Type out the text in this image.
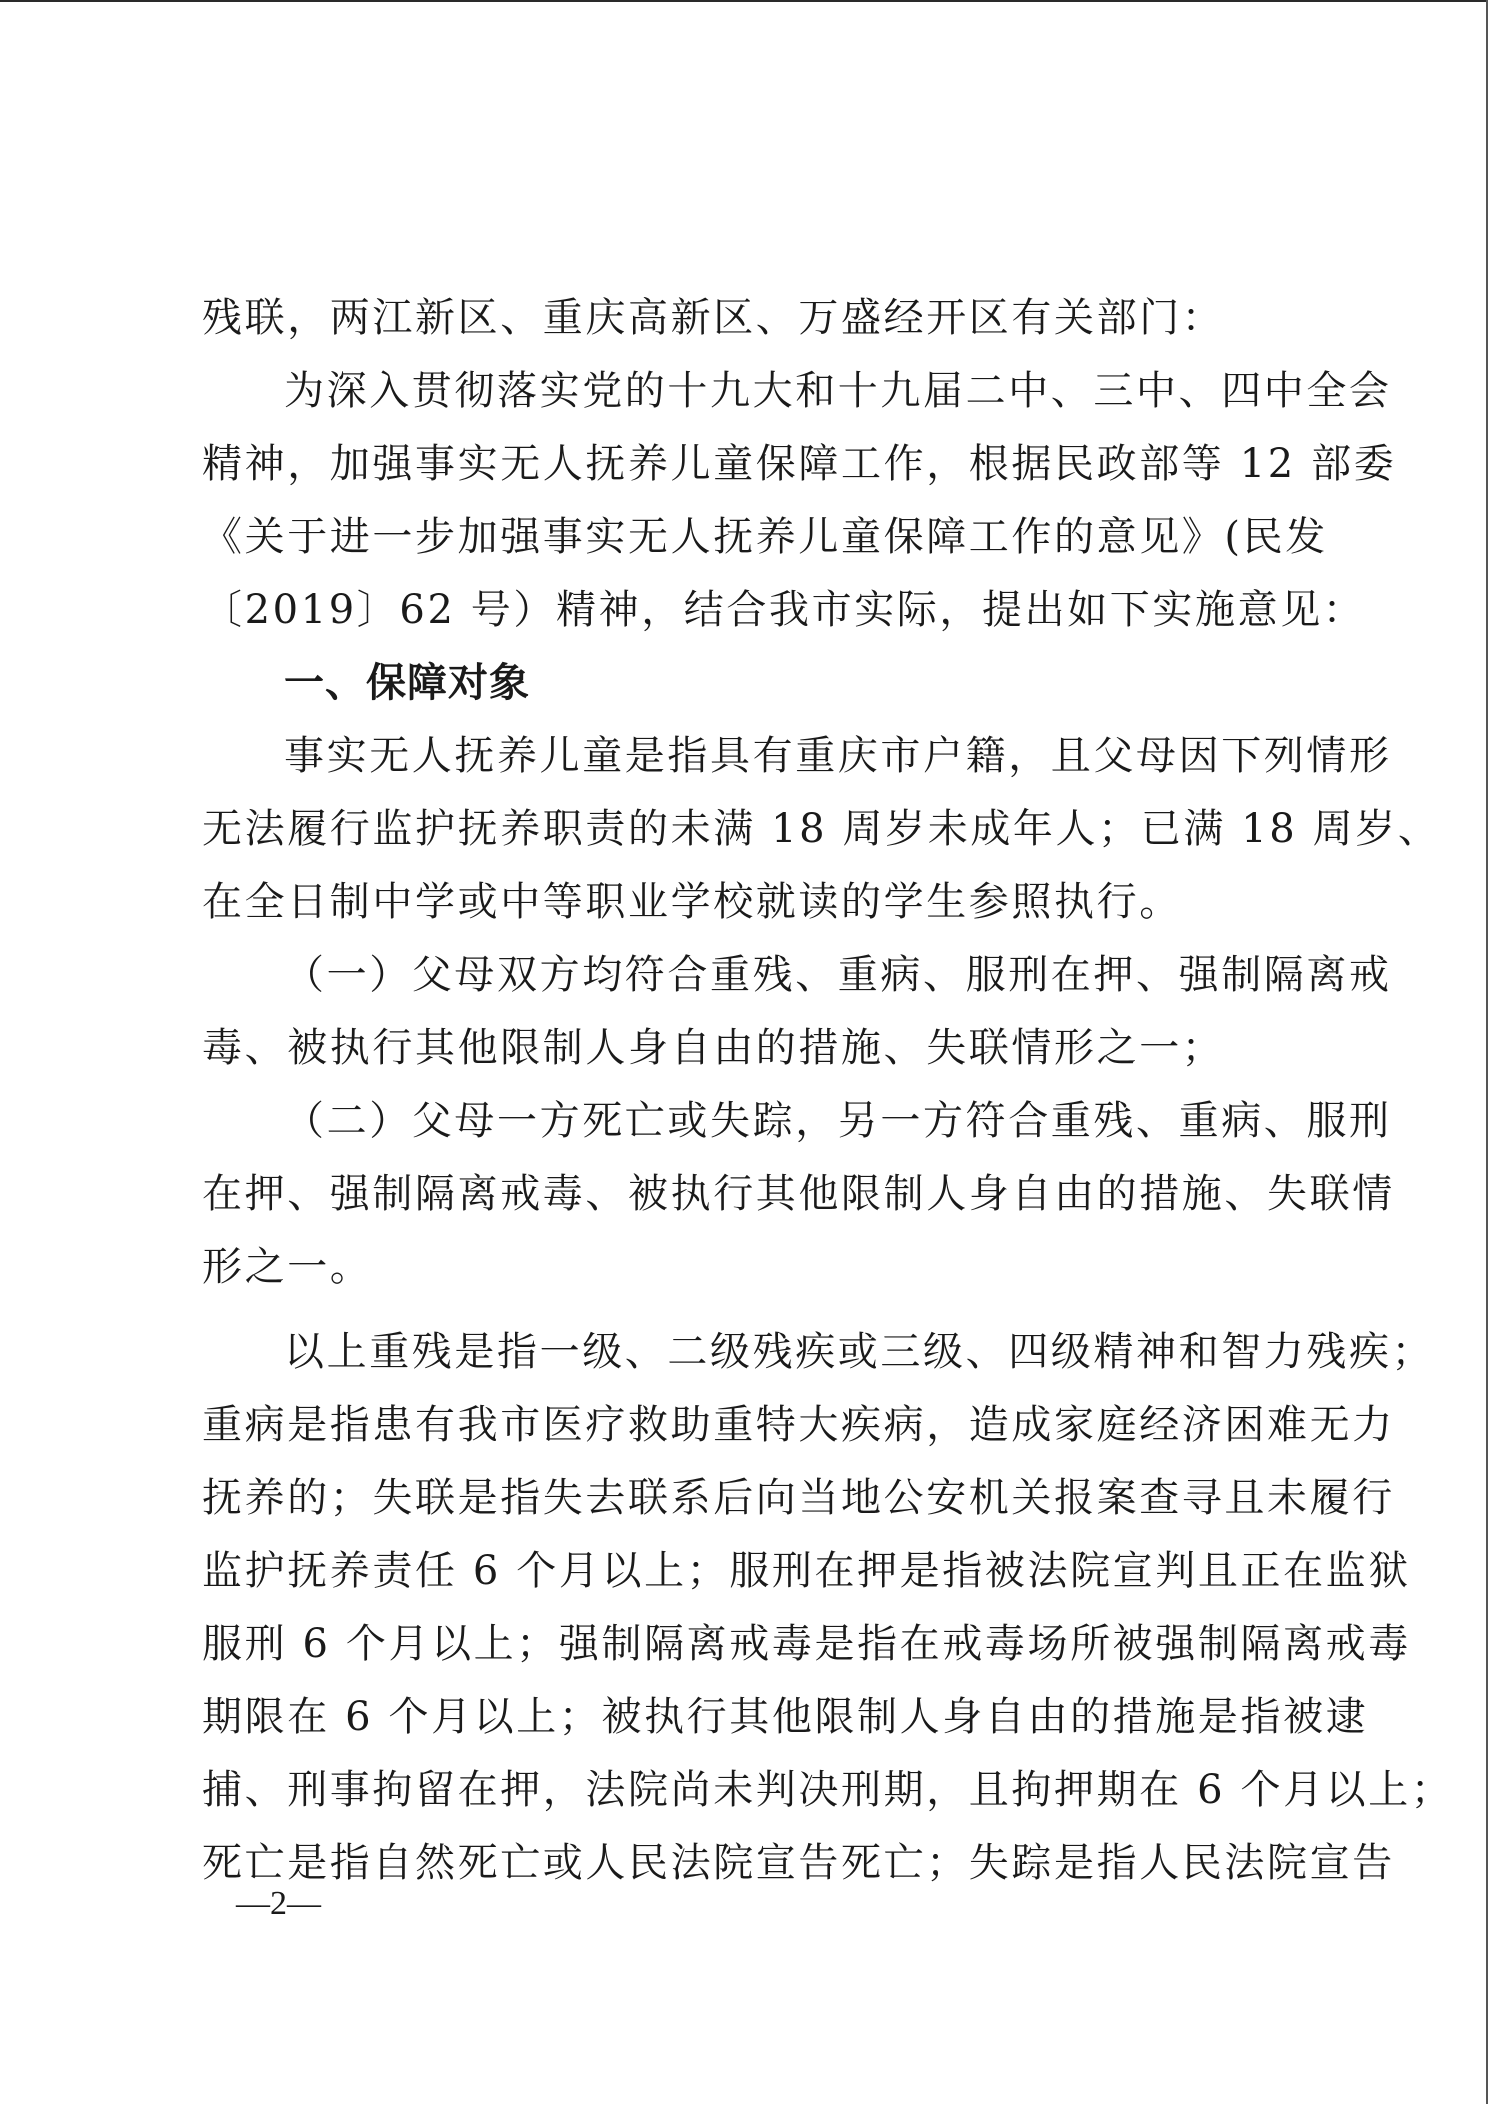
残联，两江新区、重庆高新区、万盛经开区有关部门：
为深入贯彻落实党的十九大和十九届二中、三中、四中全会
精神，加强事实无人抚养儿童保障工作，根据民政部等 12 部委
《关于进一步加强事实无人抚养儿童保障工作的意见》(民发
〔2019〕62 号）精神，结合我市实际，提出如下实施意见：
一、保障对象
事实无人抚养儿童是指具有重庆市户籍，且父母因下列情形
无法履行监护抚养职责的未满 18 周岁未成年人；已满 18 周岁、
在全日制中学或中等职业学校就读的学生参照执行。
（一）父母双方均符合重残、重病、服刑在押、强制隔离戒
毒、被执行其他限制人身自由的措施、失联情形之一；
（二）父母一方死亡或失踪，另一方符合重残、重病、服刑
在押、强制隔离戒毒、被执行其他限制人身自由的措施、失联情
形之一。
以上重残是指一级、二级残疾或三级、四级精神和智力残疾；
重病是指患有我市医疗救助重特大疾病，造成家庭经济困难无力
抚养的；失联是指失去联系后向当地公安机关报案查寻且未履行
监护抚养责任 6 个月以上；服刑在押是指被法院宣判且正在监狱
服刑 6 个月以上；强制隔离戒毒是指在戒毒场所被强制隔离戒毒
期限在 6 个月以上；被执行其他限制人身自由的措施是指被逮
捕、刑事拘留在押，法院尚未判决刑期，且拘押期在 6 个月以上；
死亡是指自然死亡或人民法院宣告死亡；失踪是指人民法院宣告
—2—
